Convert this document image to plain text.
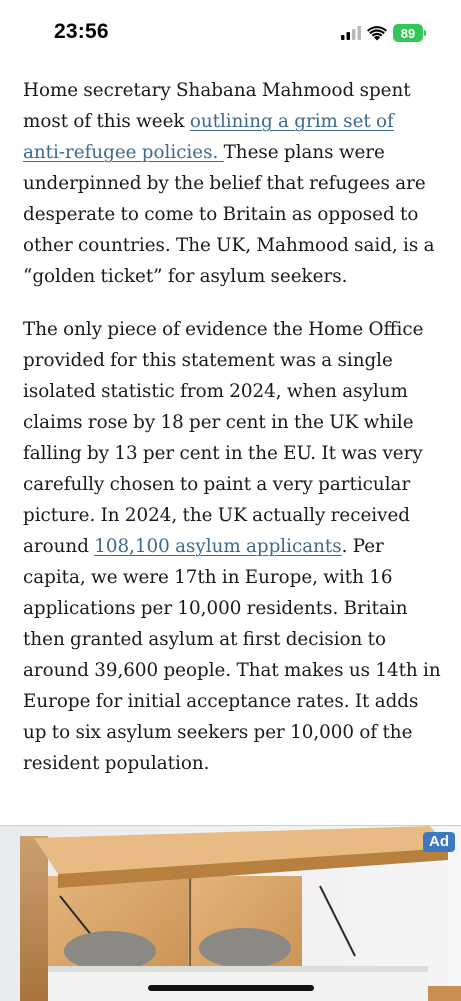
23:56	89

Home secretary Shabana Mahmood spent most of this week outlining a grim set of anti-refugee policies. These plans were underpinned by the belief that refugees are desperate to come to Britain as opposed to other countries. The UK, Mahmood said, is a “golden ticket” for asylum seekers.

The only piece of evidence the Home Office provided for this statement was a single isolated statistic from 2024, when asylum claims rose by 18 per cent in the UK while falling by 13 per cent in the EU. It was very carefully chosen to paint a very particular picture. In 2024, the UK actually received around 108,100 asylum applicants. Per capita, we were 17th in Europe, with 16 applications per 10,000 residents. Britain then granted asylum at first decision to around 39,600 people. That makes us 14th in Europe for initial acceptance rates. It adds up to six asylum seekers per 10,000 of the resident population.

Ad
